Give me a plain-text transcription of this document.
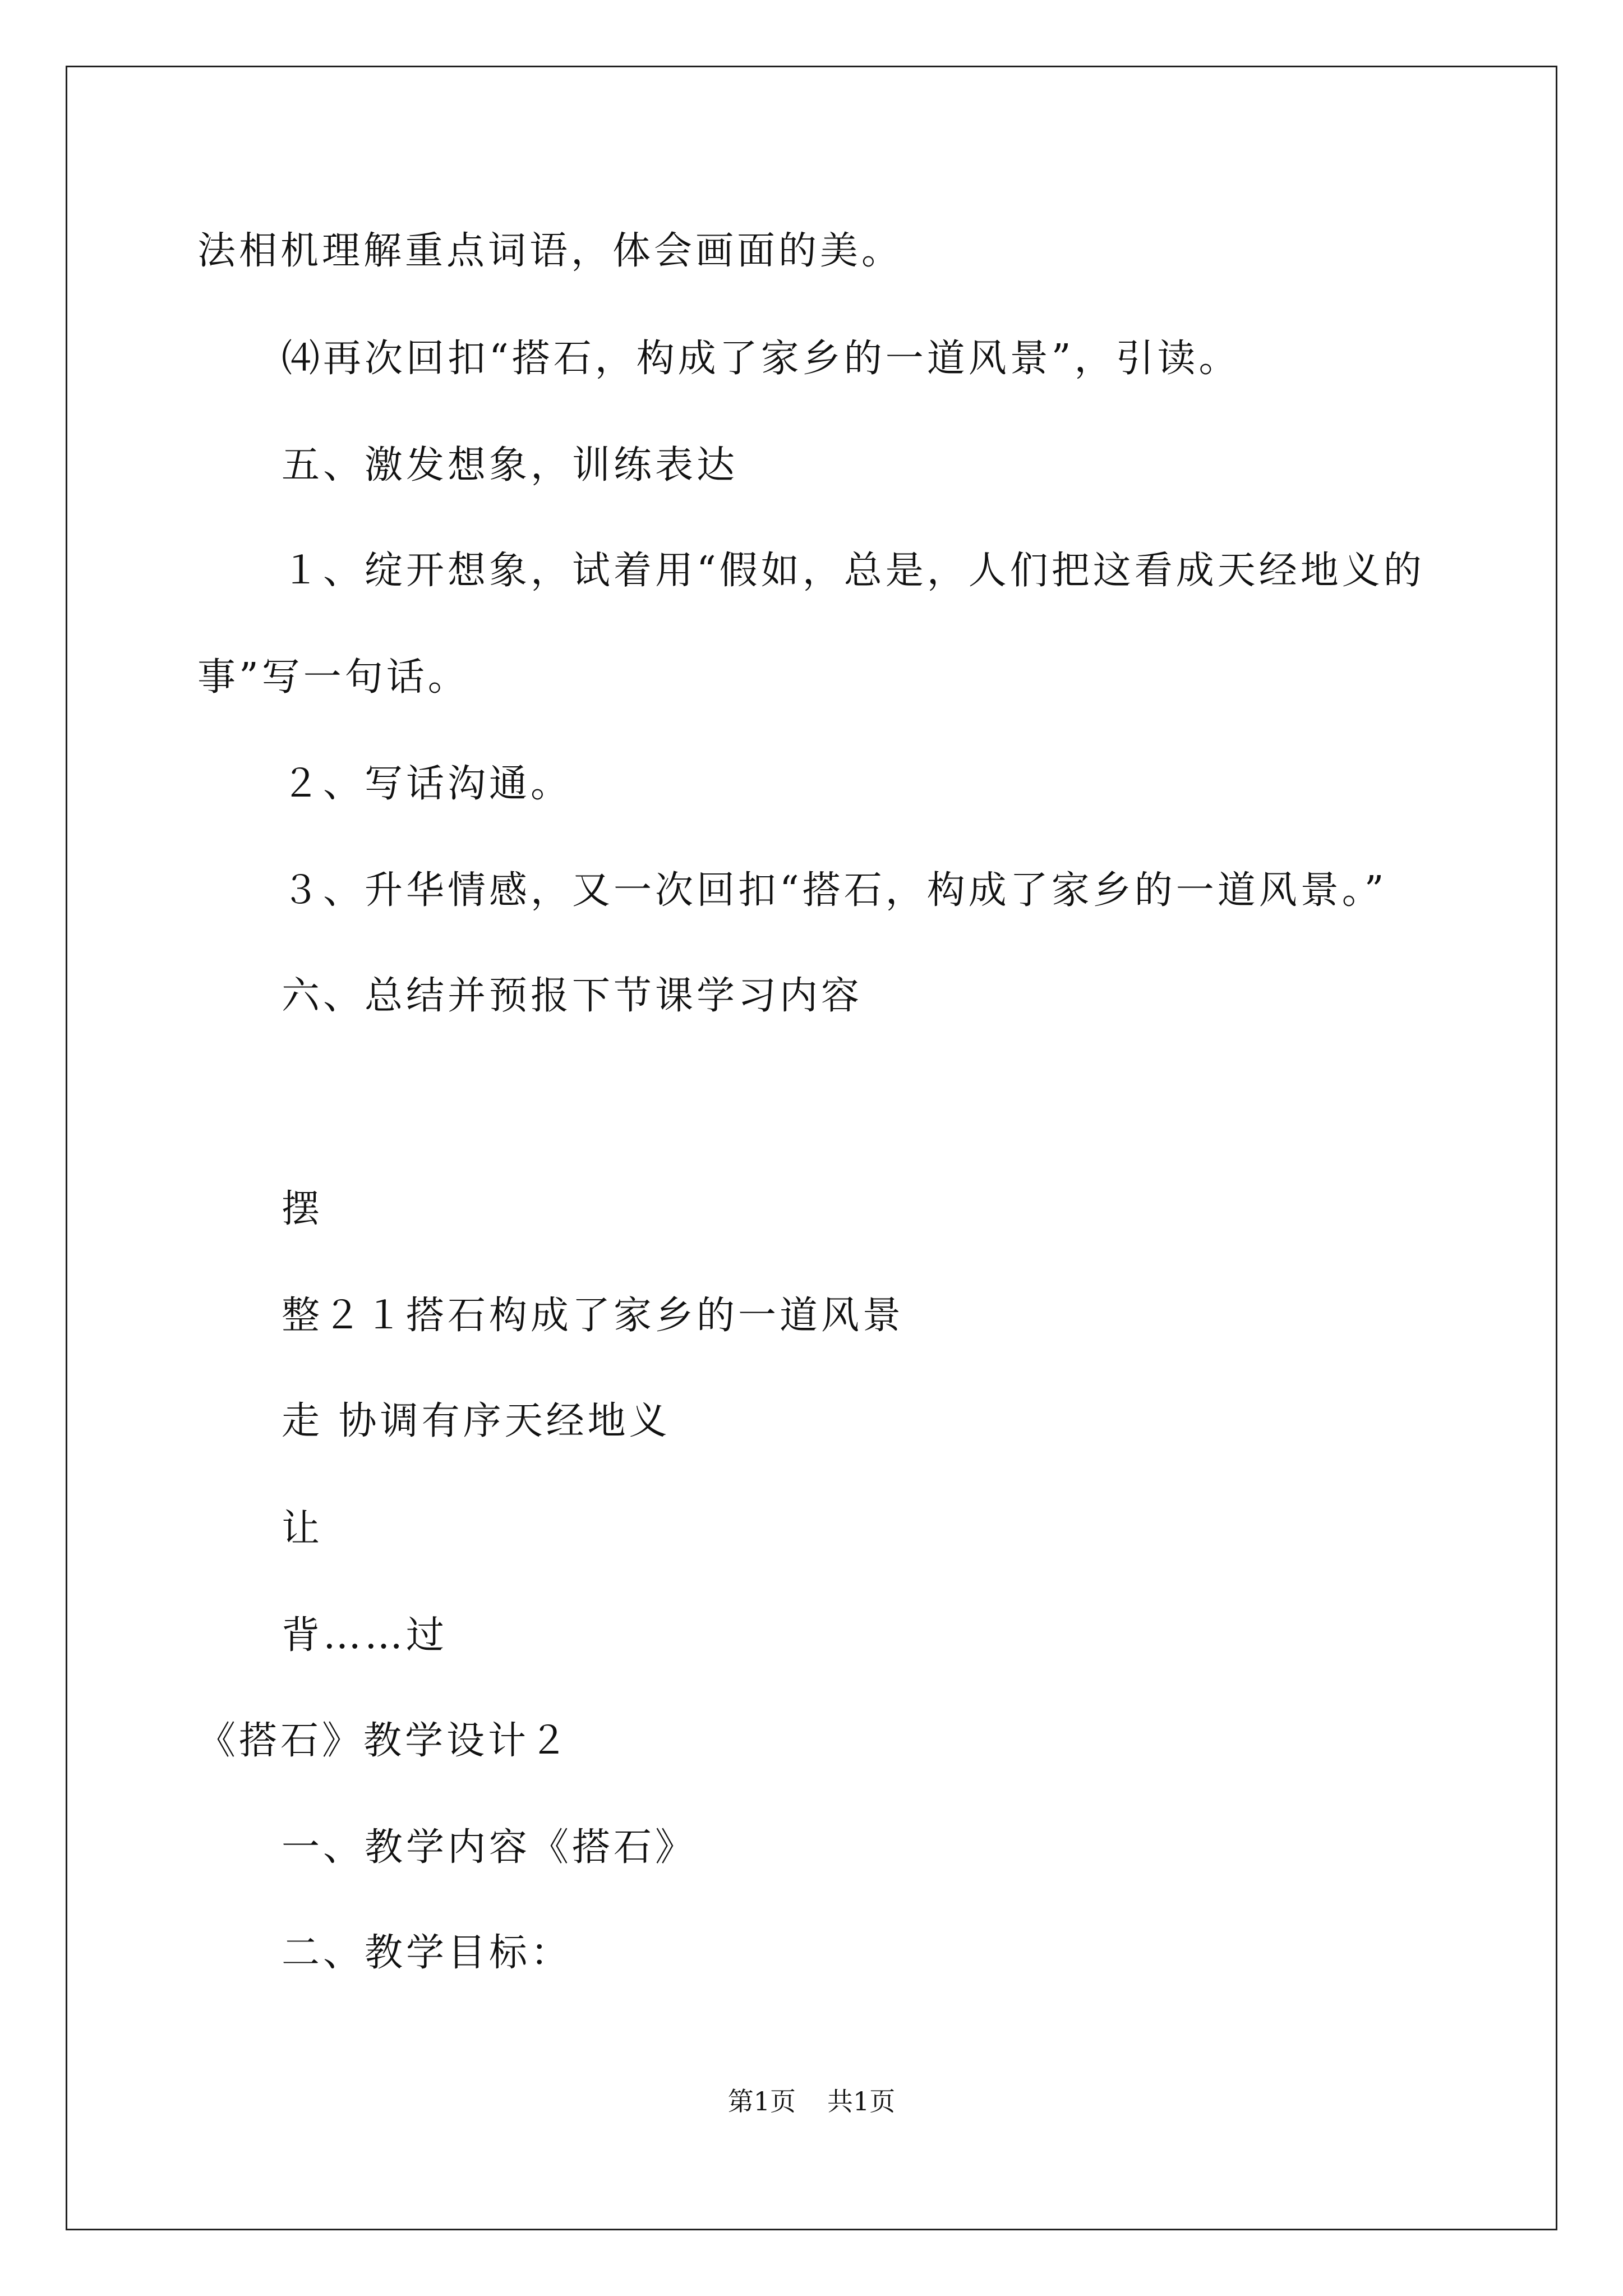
法相机理解重点词语，体会画面的美。
⑷再次回扣“搭石，构成了家乡的一道风景”，引读。
五、激发想象，训练表达
１、绽开想象，试着用“假如，总是，人们把这看成天经地义的
事”写一句话。
２、写话沟通。
３、升华情感，又一次回扣“搭石，构成了家乡的一道风景。”
六、总结并预报下节课学习内容
摆
整２１搭石构成了家乡的一道风景
走 协调有序天经地义
让
背……过
《搭石》教学设计２
一、教学内容《搭石》
二、教学目标：
第1页 共1页
